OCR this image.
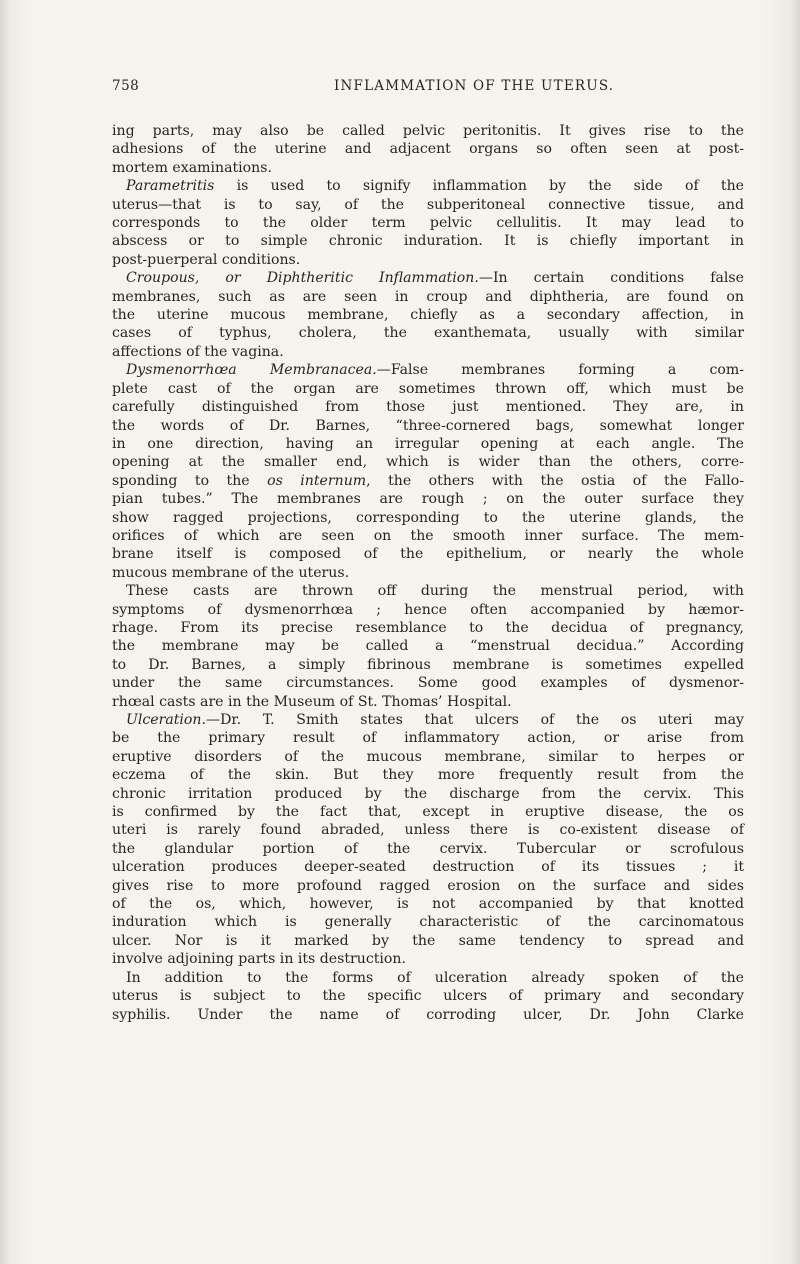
758	INFLAMMATION OF THE UTERUS.
ing parts, may also be called pelvic peritonitis. It gives rise to the
adhesions of the uterine and adjacent organs so often seen at post-
mortem examinations.
Parametritis is used to signify inflammation by the side of the
uterus—that is to say, of the subperitoneal connective tissue, and
corresponds to the older term pelvic cellulitis. It may lead to
abscess or to simple chronic induration. It is chiefly important in
post-puerperal conditions.
Croupous, or Diphtheritic Inflammation.—In certain conditions false
membranes, such as are seen in croup and diphtheria, are found on
the uterine mucous membrane, chiefly as a secondary affection, in
cases of typhus, cholera, the exanthemata, usually with similar
affections of the vagina.
Dysmenorrhœa Membranacea.—False membranes forming a com-
plete cast of the organ are sometimes thrown off, which must be
carefully distinguished from those just mentioned. They are, in
the words of Dr. Barnes, “three-cornered bags, somewhat longer
in one direction, having an irregular opening at each angle. The
opening at the smaller end, which is wider than the others, corre-
sponding to the os internum, the others with the ostia of the Fallo-
pian tubes.” The membranes are rough ; on the outer surface they
show ragged projections, corresponding to the uterine glands, the
orifices of which are seen on the smooth inner surface. The mem-
brane itself is composed of the epithelium, or nearly the whole
mucous membrane of the uterus.
These casts are thrown off during the menstrual period, with
symptoms of dysmenorrhœa ; hence often accompanied by hæmor-
rhage. From its precise resemblance to the decidua of pregnancy,
the membrane may be called a “menstrual decidua.” According
to Dr. Barnes, a simply fibrinous membrane is sometimes expelled
under the same circumstances. Some good examples of dysmenor-
rhœal casts are in the Museum of St. Thomas’ Hospital.
Ulceration.—Dr. T. Smith states that ulcers of the os uteri may
be the primary result of inflammatory action, or arise from
eruptive disorders of the mucous membrane, similar to herpes or
eczema of the skin. But they more frequently result from the
chronic irritation produced by the discharge from the cervix. This
is confirmed by the fact that, except in eruptive disease, the os
uteri is rarely found abraded, unless there is co-existent disease of
the glandular portion of the cervix. Tubercular or scrofulous
ulceration produces deeper-seated destruction of its tissues ; it
gives rise to more profound ragged erosion on the surface and sides
of the os, which, however, is not accompanied by that knotted
induration which is generally characteristic of the carcinomatous
ulcer. Nor is it marked by the same tendency to spread and
involve adjoining parts in its destruction.
In addition to the forms of ulceration already spoken of the
uterus is subject to the specific ulcers of primary and secondary
syphilis. Under the name of corroding ulcer, Dr. John Clarke
